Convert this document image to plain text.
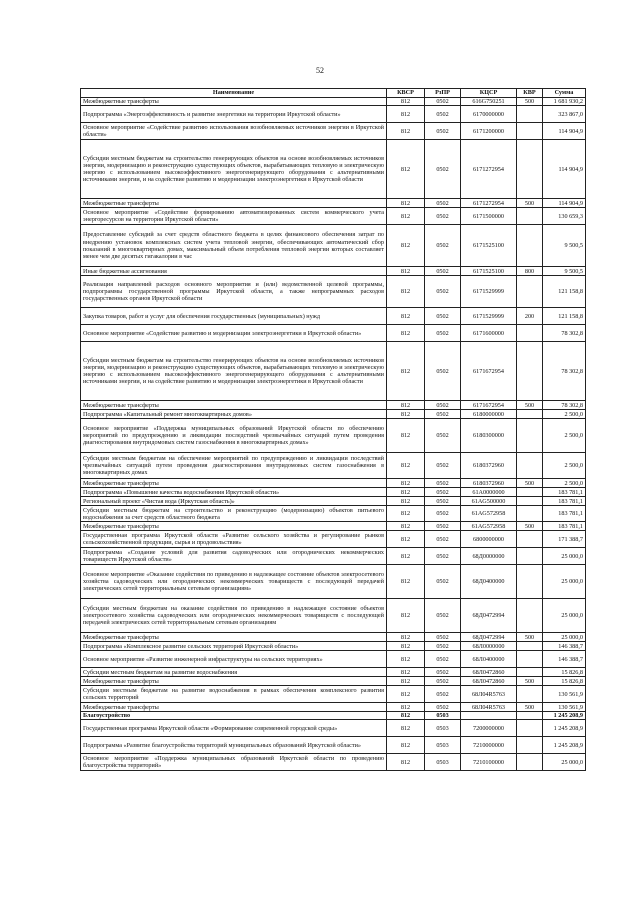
52
Наименование	КВСР	РзПР	КЦСР	КВР	Сумма
Межбюджетные трансферты	812	0502	616G750251	500	1 681 930,2
Подпрограмма «Энергоэффективность и развитие энергетики на территории Иркутской области»	812	0502	6170000000		323 867,0
Основное мероприятие «Содействие развитию использования возобновляемых источников энергии в Иркутской области»	812	0502	6171200000		114 904,9
Субсидии местным бюджетам на строительство генерирующих объектов на основе возобновляемых источников энергии, модернизацию и реконструкцию существующих объектов, вырабатывающих тепловую и электрическую энергию с использованием высокоэффективного энергогенерирующего оборудования с альтернативными источниками энергии, и на содействие развитию и модернизации электроэнергетики в Иркутской области	812	0502	6171272954		114 904,9
Межбюджетные трансферты	812	0502	6171272954	500	114 904,9
Основное мероприятие «Содействие формированию автоматизированных систем коммерческого учета энергоресурсов на территории Иркутской области»	812	0502	6171500000		130 659,3
Предоставление субсидий за счет средств областного бюджета в целях финансового обеспечения затрат по внедрению установок комплексных систем учета тепловой энергии, обеспечивающих автоматический сбор показаний в многоквартирных домах, максимальный объем потребления тепловой энергии которых составляет менее чем две десятых гигакалории в час	812	0502	6171525100		9 500,5
Иные бюджетные ассигнования	812	0502	6171525100	800	9 500,5
Реализация направлений расходов основного мероприятия и (или) ведомственной целевой программы, подпрограммы государственной программы Иркутской области, а также непрограммных расходов государственных органов Иркутской области	812	0502	6171529999		121 158,8
Закупка товаров, работ и услуг для обеспечения государственных (муниципальных) нужд	812	0502	6171529999	200	121 158,8
Основное мероприятие «Содействие развитию и модернизации электроэнергетики в Иркутской области»	812	0502	6171600000		78 302,8
Субсидии местным бюджетам на строительство генерирующих объектов на основе возобновляемых источников энергии, модернизацию и реконструкцию существующих объектов, вырабатывающих тепловую и электрическую энергию с использованием высокоэффективного энергогенерирующего оборудования с альтернативными источниками энергии, и на содействие развитию и модернизации электроэнергетики в Иркутской области	812	0502	6171672954		78 302,8
Межбюджетные трансферты	812	0502	6171672954	500	78 302,8
Подпрограмма «Капитальный ремонт многоквартирных домов»	812	0502	6180000000		2 500,0
Основное мероприятие «Поддержка муниципальных образований Иркутской области по обеспечению мероприятий по предупреждению и ликвидации последствий чрезвычайных ситуаций путем проведения диагностирования внутридомовых систем газоснабжения в многоквартирных домах»	812	0502	6180300000		2 500,0
Субсидии местным бюджетам на обеспечение мероприятий по предупреждению и ликвидации последствий чрезвычайных ситуаций путем проведения диагностирования внутридомовых систем газоснабжения в многоквартирных домах	812	0502	6180372960		2 500,0
Межбюджетные трансферты	812	0502	6180372960	500	2 500,0
Подпрограмма «Повышение качества водоснабжения Иркутской области»	812	0502	61А0000000		183 781,1
Региональный проект «Чистая вода (Иркутская область)»	812	0502	61АG500000		183 781,1
Субсидии местным бюджетам на строительство и реконструкцию (модернизацию) объектов питьевого водоснабжения за счет средств областного бюджета	812	0502	61АG572958		183 781,1
Межбюджетные трансферты	812	0502	61АG572958	500	183 781,1
Государственная программа Иркутской области «Развитие сельского хозяйства и регулирование рынков сельскохозяйственной продукции, сырья и продовольствия»	812	0502	6800000000		171 388,7
Подпрограмма «Создание условий для развития садоводческих или огороднических некоммерческих товариществ Иркутской области»	812	0502	68Д0000000		25 000,0
Основное мероприятие «Оказание содействия по приведению в надлежащее состояние объектов электросетевого хозяйства садоводческих или огороднических некоммерческих товариществ с последующей передачей электрических сетей территориальным сетевым организациям»	812	0502	68Д0400000		25 000,0
Субсидии местным бюджетам на оказание содействия по приведению в надлежащее состояние объектов электросетевого хозяйства садоводческих или огороднических некоммерческих товариществ с последующей передачей электрических сетей территориальным сетевым организациям	812	0502	68Д0472994		25 000,0
Межбюджетные трансферты	812	0502	68Д0472994	500	25 000,0
Подпрограмма «Комплексное развитие сельских территорий Иркутской области»	812	0502	68Л0000000		146 388,7
Основное мероприятие «Развитие инженерной инфраструктуры на сельских территориях»	812	0502	68Л0400000		146 388,7
Субсидии местным бюджетам на развитие водоснабжения	812	0502	68Л0472860		15 826,8
Межбюджетные трансферты	812	0502	68Л0472860	500	15 826,8
Субсидии местным бюджетам на развитие водоснабжения в рамках обеспечения комплексного развития сельских территорий	812	0502	68Л04R5763		130 561,9
Межбюджетные трансферты	812	0502	68Л04R5763	500	130 561,9
Благоустройство	812	0503			1 245 208,9
Государственная программа Иркутской области «Формирование современной городской среды»	812	0503	7200000000		1 245 208,9
Подпрограмма «Развитие благоустройства территорий муниципальных образований Иркутской области»	812	0503	7210000000		1 245 208,9
Основное мероприятие «Поддержка муниципальных образований Иркутской области по проведению благоустройства территорий»	812	0503	7210100000		25 000,0
